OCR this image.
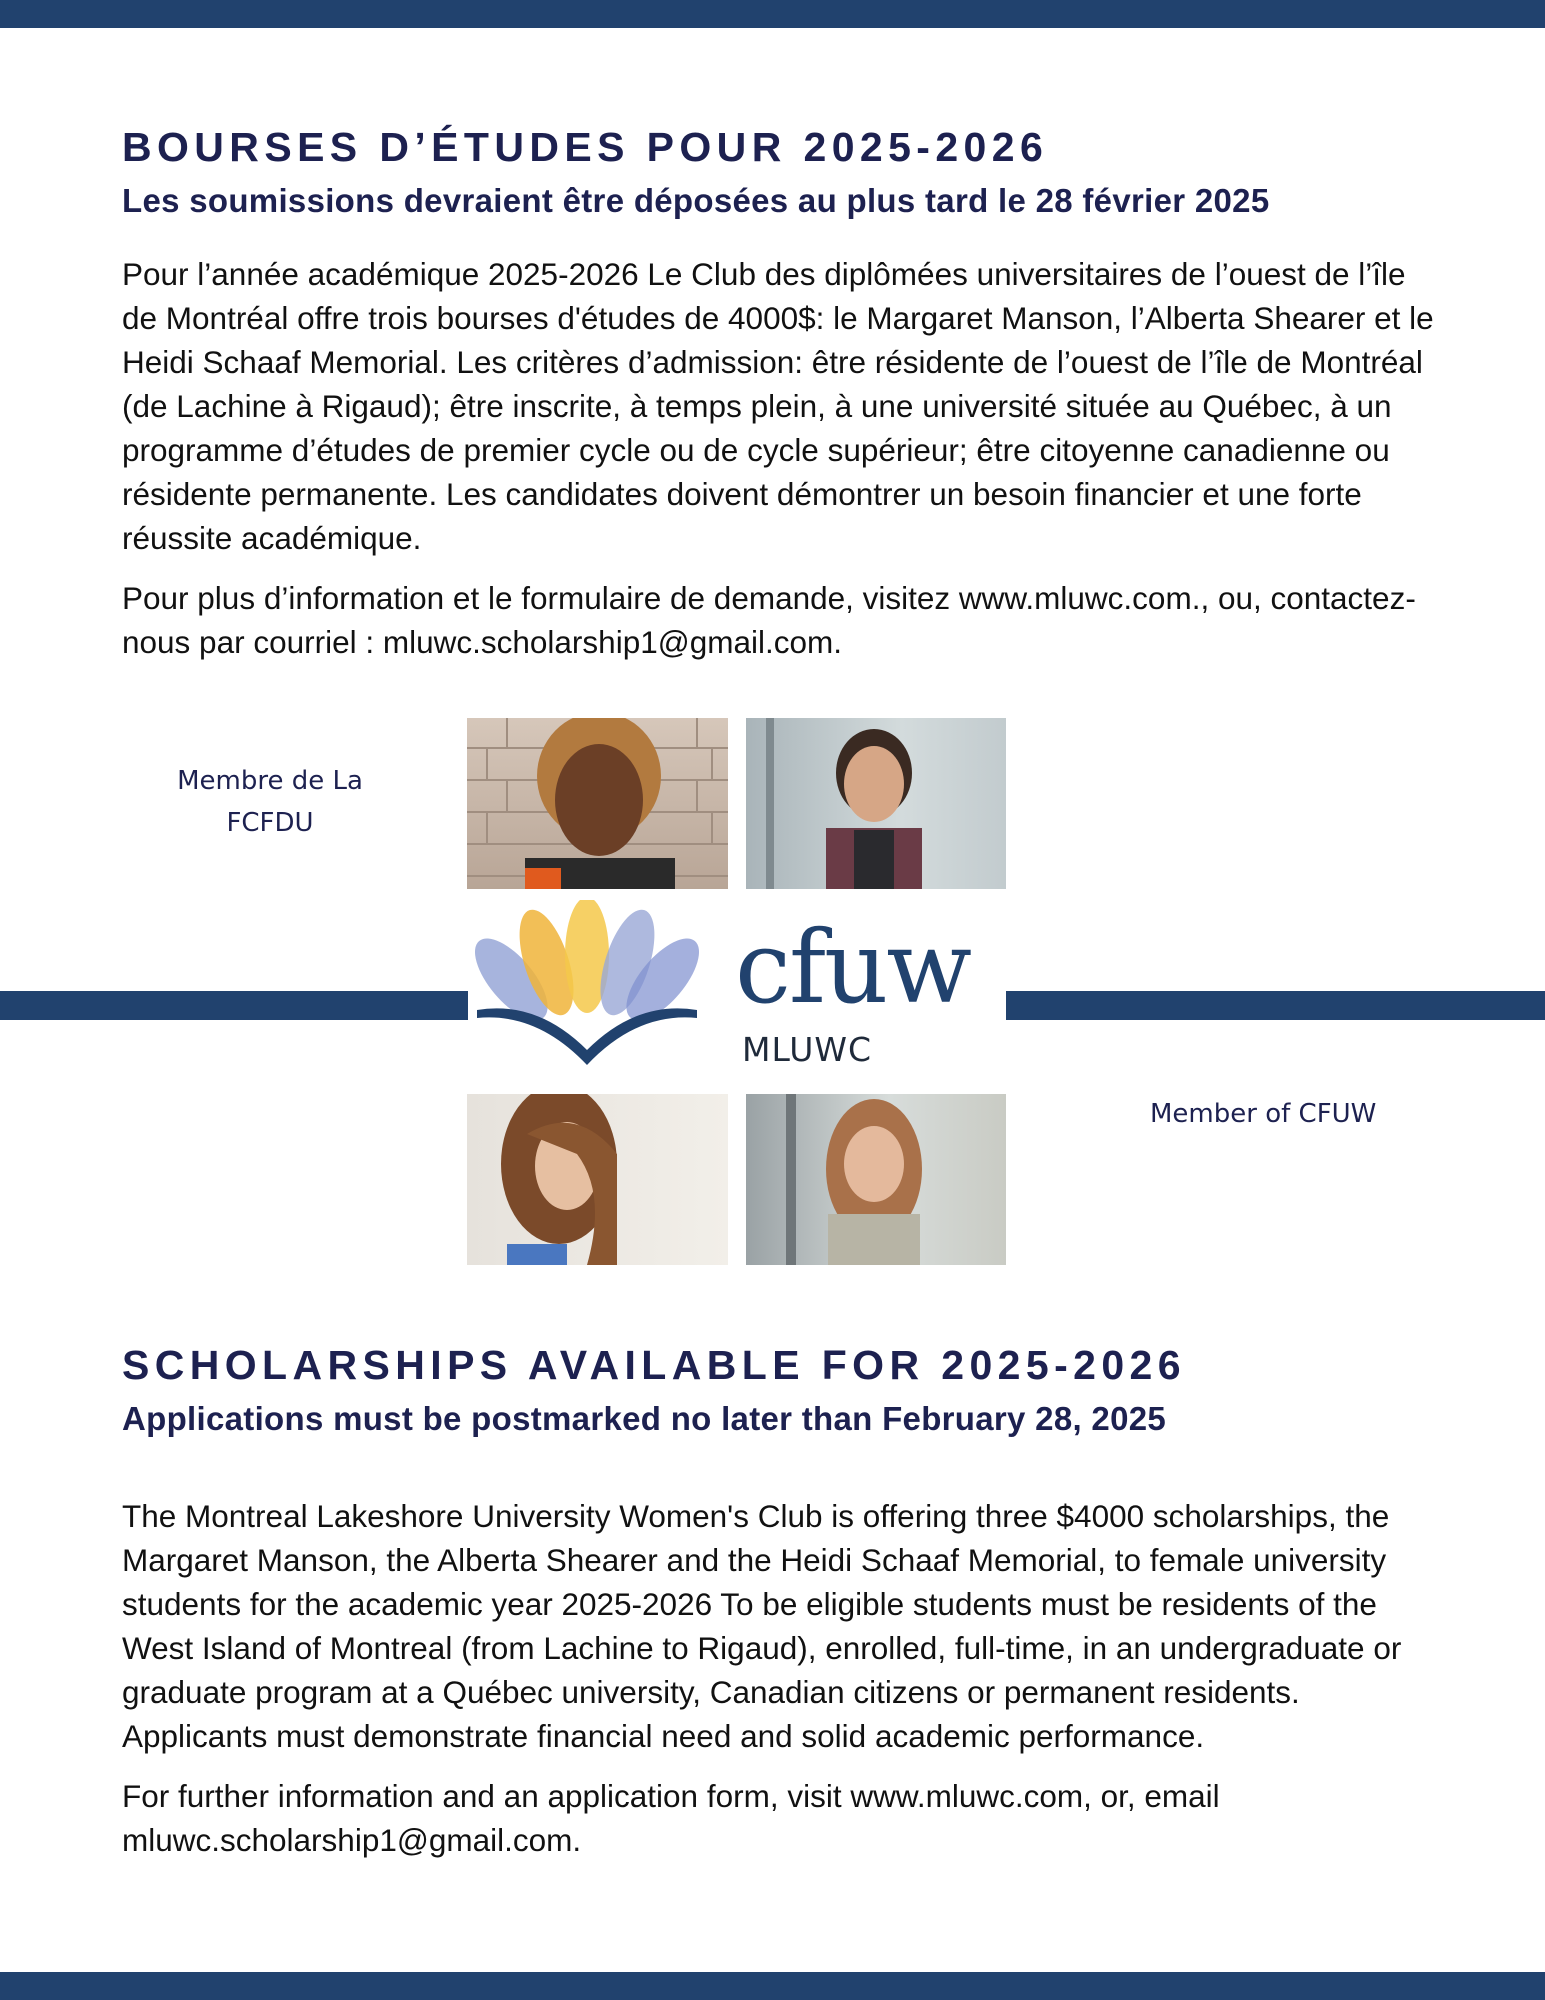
BOURSES D’ÉTUDES POUR 2025-2026
Les soumissions devraient être déposées au plus tard le 28 février 2025

Pour l’année académique 2025-2026 Le Club des diplômées universitaires de l’ouest de l’île de Montréal offre trois bourses d'études de 4000$: le Margaret Manson, l’Alberta Shearer et le Heidi Schaaf Memorial. Les critères d’admission: être résidente de l’ouest de l’île de Montréal (de Lachine à Rigaud); être inscrite, à temps plein, à une université située au Québec, à un programme d’études de premier cycle ou de cycle supérieur; être citoyenne canadienne ou résidente permanente. Les candidates doivent démontrer un besoin financier et une forte réussite académique.

Pour plus d’information et le formulaire de demande, visitez www.mluwc.com., ou, contactez-nous par courriel : mluwc.scholarship1@gmail.com.

Membre de La FCFDU
cfuw
MLUWC
Member of CFUW
SCHOLARSHIPS AVAILABLE FOR 2025-2026
Applications must be postmarked no later than February 28, 2025

The Montreal Lakeshore University Women's Club is offering three $4000 scholarships, the Margaret Manson, the Alberta Shearer and the Heidi Schaaf Memorial, to female university students for the academic year 2025-2026 To be eligible students must be residents of the West Island of Montreal (from Lachine to Rigaud), enrolled, full-time, in an undergraduate or graduate program at a Québec university, Canadian citizens or permanent residents. Applicants must demonstrate financial need and solid academic performance.

For further information and an application form, visit www.mluwc.com, or, email mluwc.scholarship1@gmail.com.
